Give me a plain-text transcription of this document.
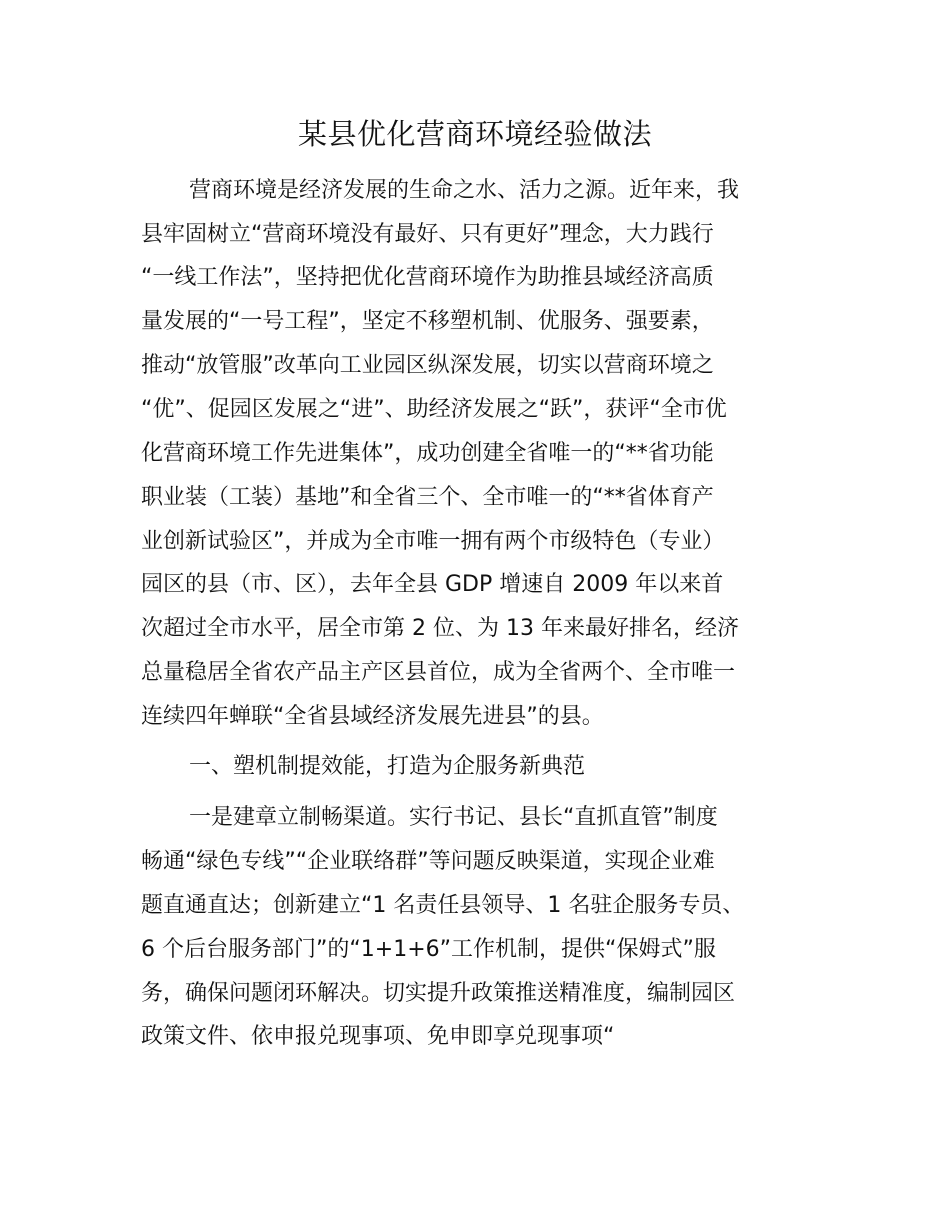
某县优化营商环境经验做法
营商环境是经济发展的生命之水、活力之源。近年来，我
县牢固树立“营商环境没有最好、只有更好”理念，大力践行
“一线工作法”，坚持把优化营商环境作为助推县域经济高质
量发展的“一号工程”，坚定不移塑机制、优服务、强要素，
推动“放管服”改革向工业园区纵深发展，切实以营商环境之
“优”、促园区发展之“进”、助经济发展之“跃”，获评“全市优
化营商环境工作先进集体”，成功创建全省唯一的“**省功能
职业装（工装）基地”和全省三个、全市唯一的“**省体育产
业创新试验区”，并成为全市唯一拥有两个市级特色（专业）
园区的县（市、区），去年全县 GDP 增速自 2009 年以来首
次超过全市水平，居全市第 2 位、为 13 年来最好排名，经济
总量稳居全省农产品主产区县首位，成为全省两个、全市唯一
连续四年蝉联“全省县域经济发展先进县”的县。
一、塑机制提效能，打造为企服务新典范
一是建章立制畅渠道。实行书记、县长“直抓直管”制度
畅通“绿色专线”“企业联络群”等问题反映渠道，实现企业难
题直通直达；创新建立“1 名责任县领导、1 名驻企服务专员、
6 个后台服务部门”的“1+1+6”工作机制，提供“保姆式”服
务，确保问题闭环解决。切实提升政策推送精准度，编制园区
政策文件、依申报兑现事项、免申即享兑现事项“
